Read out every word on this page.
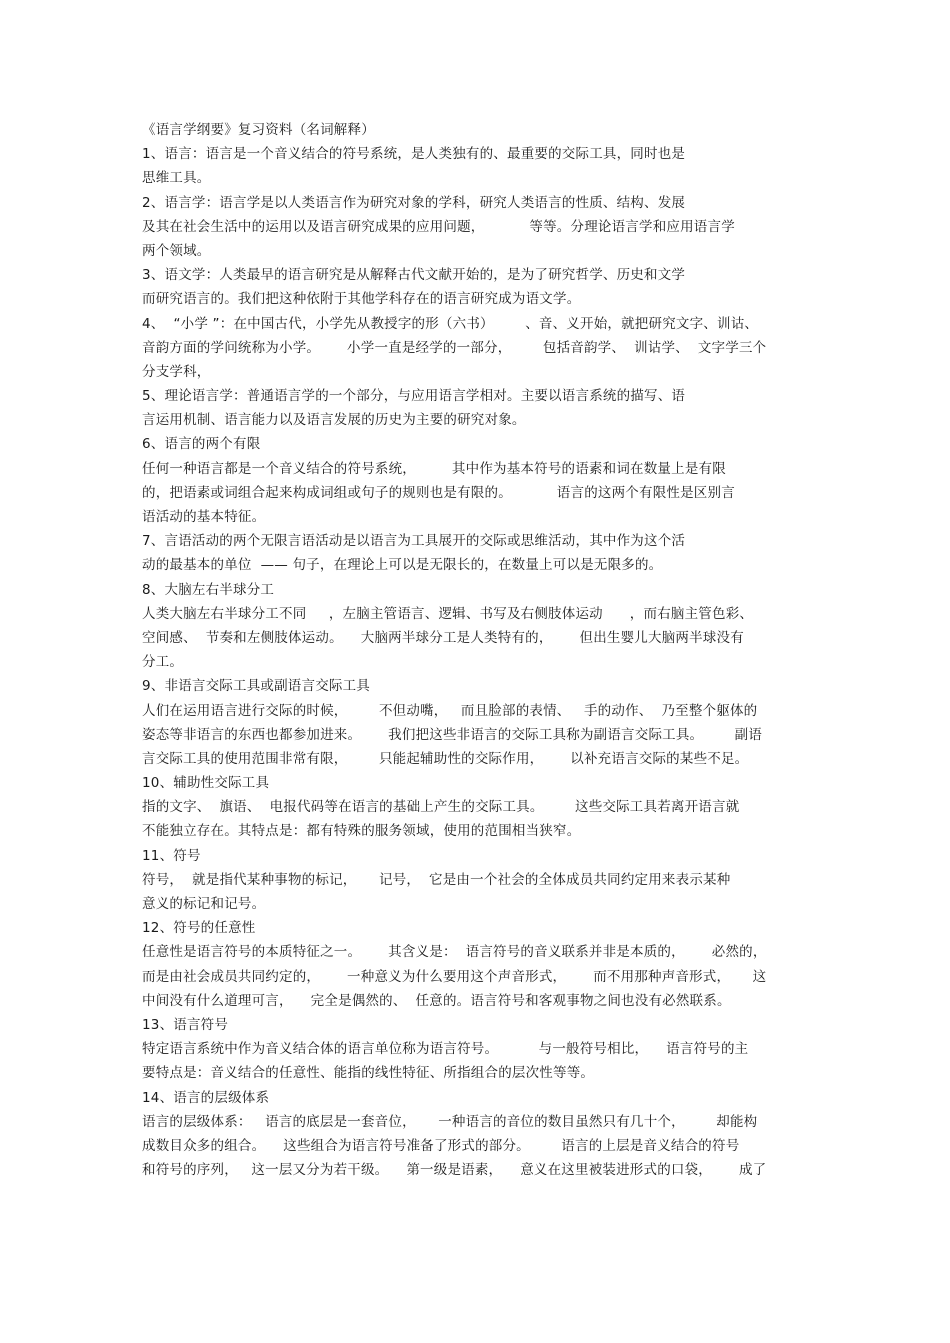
《语言学纲要》复习资料（名词解释）
1、语言：语言是一个音义结合的符号系统，是人类独有的、最重要的交际工具，同时也是
思维工具。
2、语言学：语言学是以人类语言作为研究对象的学科，研究人类语言的性质、结构、发展
及其在社会生活中的运用以及语言研究成果的应用问题，          等等。分理论语言学和应用语言学
两个领域。
3、语文学：人类最早的语言研究是从解释古代文献开始的，是为了研究哲学、历史和文学
而研究语言的。我们把这种依附于其他学科存在的语言研究成为语文学。
4、  “小学 ”：在中国古代，小学先从教授字的形（六书）       、音、义开始，就把研究文字、训诂、
音韵方面的学问统称为小学。      小学一直是经学的一部分，       包括音韵学、  训诂学、  文字学三个
分支学科，
5、理论语言学：普通语言学的一个部分，与应用语言学相对。主要以语言系统的描写、语
言运用机制、语言能力以及语言发展的历史为主要的研究对象。
6、语言的两个有限
任何一种语言都是一个音义结合的符号系统，        其中作为基本符号的语素和词在数量上是有限
的，把语素或词组合起来构成词组或句子的规则也是有限的。          语言的这两个有限性是区别言
语活动的基本特征。
7、言语活动的两个无限言语活动是以语言为工具展开的交际或思维活动，其中作为这个活
动的最基本的单位  —— 句子，在理论上可以是无限长的，在数量上可以是无限多的。
8、大脑左右半球分工
人类大脑左右半球分工不同     ，左脑主管语言、逻辑、书写及右侧肢体运动      ，而右脑主管色彩、
空间感、  节奏和左侧肢体运动。    大脑两半球分工是人类特有的，      但出生婴儿大脑两半球没有
分工。
9、非语言交际工具或副语言交际工具
人们在运用语言进行交际的时候，       不但动嘴，   而且脸部的表情、   手的动作、  乃至整个躯体的
姿态等非语言的东西也都参加进来。      我们把这些非语言的交际工具称为副语言交际工具。       副语
言交际工具的使用范围非常有限，       只能起辅助性的交际作用，      以补充语言交际的某些不足。
10、辅助性交际工具
指的文字、  旗语、  电报代码等在语言的基础上产生的交际工具。       这些交际工具若离开语言就
不能独立存在。其特点是：都有特殊的服务领域，使用的范围相当狭窄。
11、符号
符号，  就是指代某种事物的标记，     记号，  它是由一个社会的全体成员共同约定用来表示某种
意义的标记和记号。
12、符号的任意性
任意性是语言符号的本质特征之一。      其含义是：  语言符号的音义联系并非是本质的，      必然的，
而是由社会成员共同约定的，      一种意义为什么要用这个声音形式，      而不用那种声音形式，     这
中间没有什么道理可言，    完全是偶然的、  任意的。语言符号和客观事物之间也没有必然联系。
13、语言符号
特定语言系统中作为音义结合体的语言单位称为语言符号。         与一般符号相比，    语言符号的主
要特点是：音义结合的任意性、能指的线性特征、所指组合的层次性等等。
14、语言的层级体系
语言的层级体系：   语言的底层是一套音位，     一种语言的音位的数目虽然只有几十个，       却能构
成数目众多的组合。    这些组合为语言符号准备了形式的部分。       语言的上层是音义结合的符号
和符号的序列，   这一层又分为若干级。    第一级是语素，    意义在这里被装进形式的口袋，      成了
